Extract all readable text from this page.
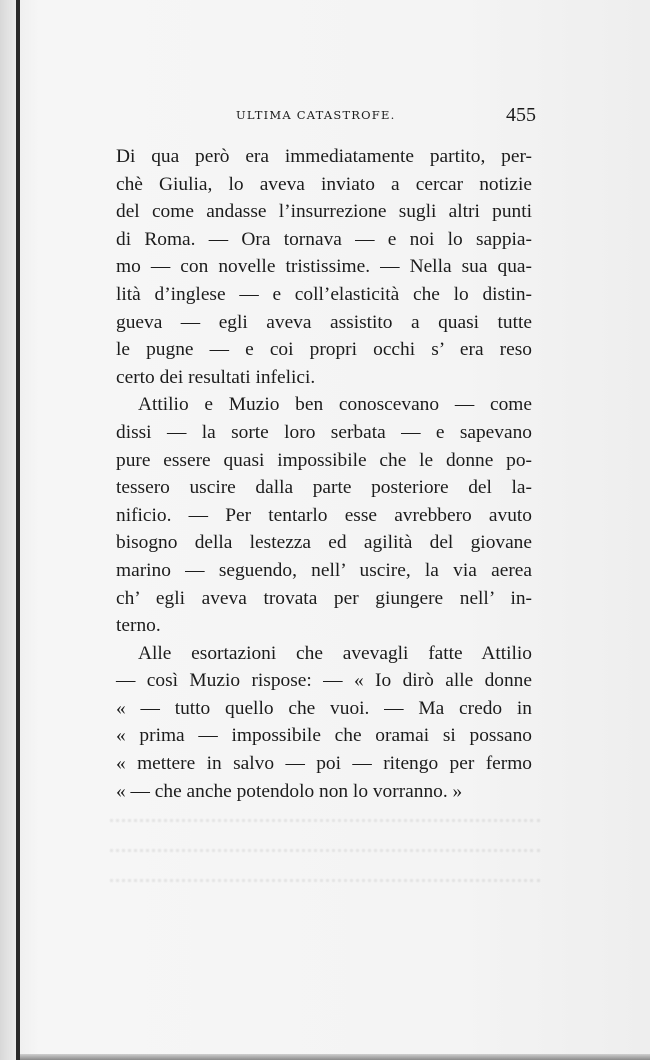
ULTIMA CATASTROFE.	455

Di qua però era immediatamente partito, per-
chè Giulia, lo aveva inviato a cercar notizie
del come andasse l’insurrezione sugli altri punti
di Roma. — Ora tornava — e noi lo sappia-
mo — con novelle tristissime. — Nella sua qua-
lità d’inglese — e coll’elasticità che lo distin-
gueva — egli aveva assistito a quasi tutte
le pugne — e coi propri occhi s’ era reso
certo dei resultati infelici.

Attilio e Muzio ben conoscevano — come
dissi — la sorte loro serbata — e sapevano
pure essere quasi impossibile che le donne po-
tessero uscire dalla parte posteriore del la-
nificio. — Per tentarlo esse avrebbero avuto
bisogno della lestezza ed agilità del giovane
marino — seguendo, nell’ uscire, la via aerea
ch’ egli aveva trovata per giungere nell’ in-
terno.

Alle esortazioni che avevagli fatte Attilio
— così Muzio rispose: — « Io dirò alle donne
« — tutto quello che vuoi. — Ma credo in
« prima — impossibile che oramai si possano
« mettere in salvo — poi — ritengo per fermo
« — che anche potendolo non lo vorranno. »
